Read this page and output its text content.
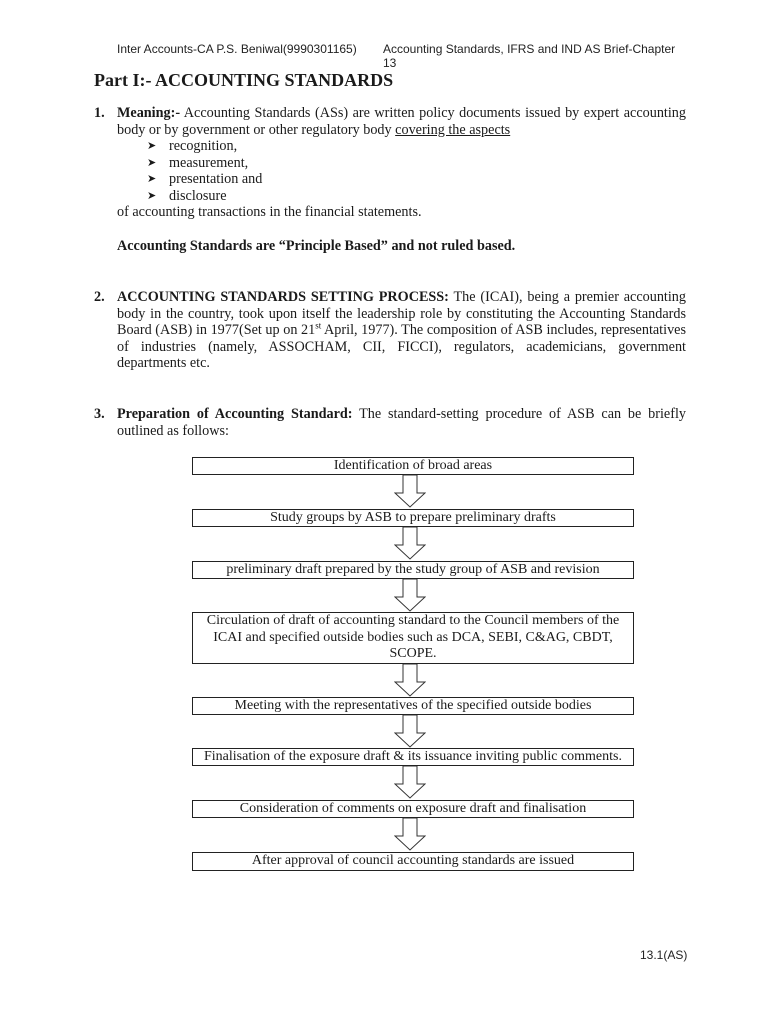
Inter Accounts-CA P.S. Beniwal(9990301165) Accounting Standards, IFRS and IND AS Brief-Chapter 13
Part I:- ACCOUNTING STANDARDS
1. Meaning:- Accounting Standards (ASs) are written policy documents issued by expert accounting body or by government or other regulatory body covering the aspects
➤ recognition,
➤ measurement,
➤ presentation and
➤ disclosure
of accounting transactions in the financial statements.
Accounting Standards are “Principle Based” and not ruled based.
2. ACCOUNTING STANDARDS SETTING PROCESS: The (ICAI), being a premier accounting body in the country, took upon itself the leadership role by constituting the Accounting Standards Board (ASB) in 1977(Set up on 21st April, 1977). The composition of ASB includes, representatives of industries (namely, ASSOCHAM, CII, FICCI), regulators, academicians, government departments etc.
3. Preparation of Accounting Standard: The standard-setting procedure of ASB can be briefly outlined as follows:
Identification of broad areas
Study groups by ASB to prepare preliminary drafts
preliminary draft prepared by the study group of ASB and revision
Circulation of draft of accounting standard to the Council members of the ICAI and specified outside bodies such as DCA, SEBI, C&AG, CBDT, SCOPE.
Meeting with the representatives of the specified outside bodies
Finalisation of the exposure draft & its issuance inviting public comments.
Consideration of comments on exposure draft and finalisation
After approval of council accounting standards are issued
13.1(AS)
